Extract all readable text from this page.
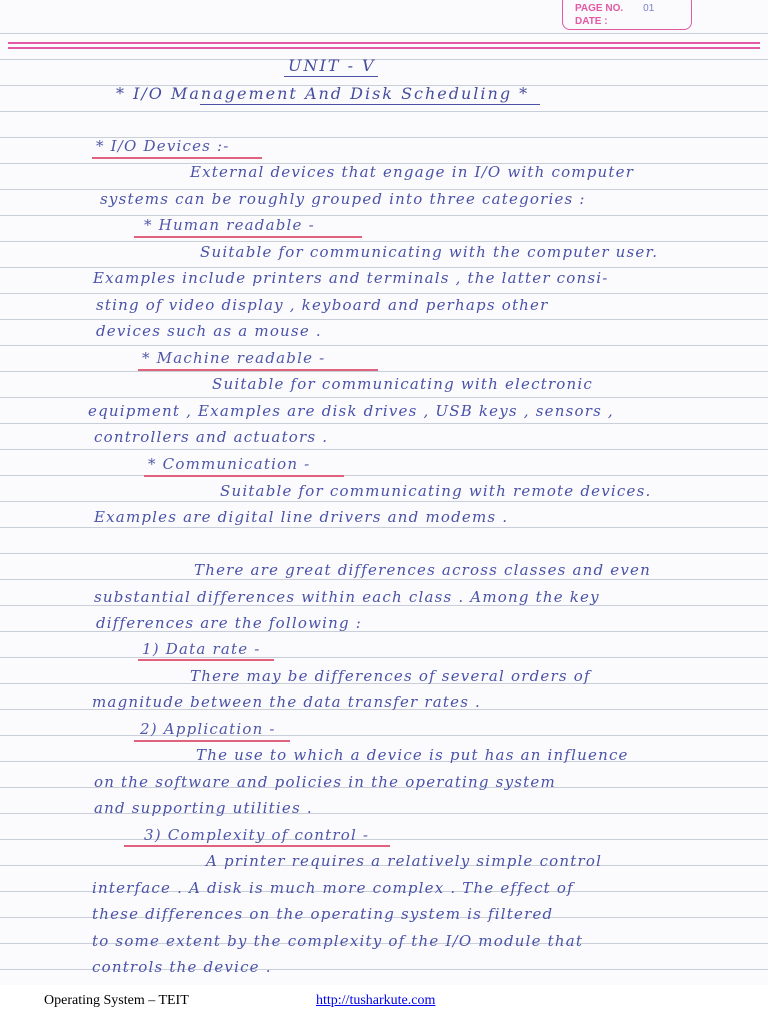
PAGE NO. 01
DATE :

UNIT - V

* I/O Management And Disk Scheduling *

* I/O Devices :-

External devices that engage in I/O with computer

systems can be roughly grouped into three categories :

* Human readable -

Suitable for communicating with the computer user.

Examples include printers and terminals , the latter consi-

sting of video display , keyboard and perhaps other

devices such as a mouse .

* Machine readable -

Suitable for communicating with electronic

equipment , Examples are disk drives , USB keys , sensors ,

controllers and actuators .

* Communication -

Suitable for communicating with remote devices.

Examples are digital line drivers and modems .

There are great differences across classes and even

substantial differences within each class . Among the key

differences are the following :

1) Data rate -

There may be differences of several orders of

magnitude between the data transfer rates .

2) Application -

The use to which a device is put has an influence

on the software and policies in the operating system

and supporting utilities .

3) Complexity of control -

A printer requires a relatively simple control

interface . A disk is much more complex . The effect of

these differences on the operating system is filtered

to some extent by the complexity of the I/O module that

controls the device .

Operating System – TEIT	http://tusharkute.com
